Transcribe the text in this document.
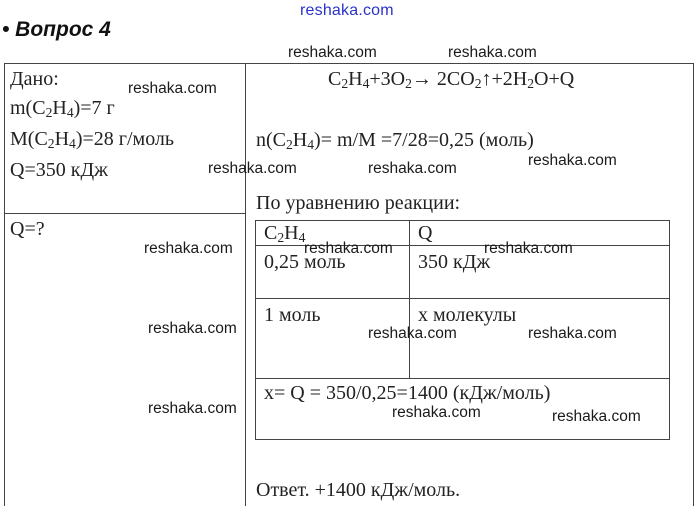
reshaka.com
• Вопрос 4
Дано:
$m(C_2H_4)=7$ г
$M(C_2H_4)=28$ г/моль
Q=350 кДж
Q=?
$C_2H_4+3O_2\to$ $2CO_2↑+2H_2O+Q$
$n(C_2H_4)= m/M =7/28=0,25$ (моль)
По уравнению реакции:
$C_2H_4$	Q
0,25 моль	350 кДж
1 моль	x молекулы
x= Q = 350/0,25=1400 (кДж/моль)
Ответ. +1400 кДж/моль.
reshaka.com	reshaka.com
reshaka.com
reshaka.com	reshaka.com	reshaka.com
reshaka.com	reshaka.com	reshaka.com
reshaka.com	reshaka.com	reshaka.com
reshaka.com	reshaka.com	reshaka.com
